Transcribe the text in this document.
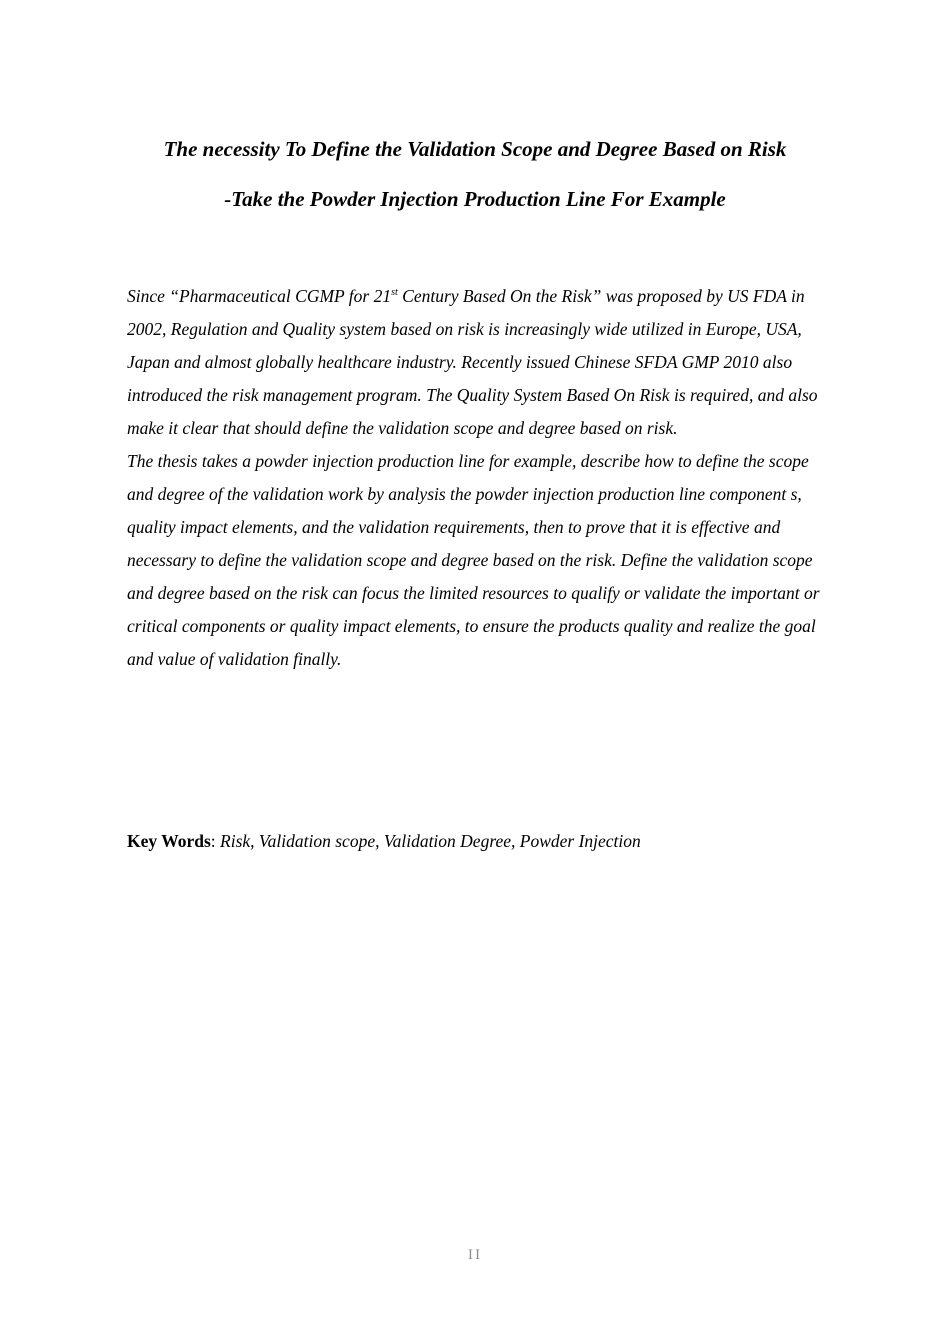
The necessity To Define the Validation Scope and Degree Based on Risk
-Take the Powder Injection Production Line For Example

Since “Pharmaceutical CGMP for 21st Century Based On the Risk” was proposed by US FDA in 2002, Regulation and Quality system based on risk is increasingly wide utilized in Europe, USA, Japan and almost globally healthcare industry. Recently issued Chinese SFDA GMP 2010 also introduced the risk management program. The Quality System Based On Risk is required, and also make it clear that should define the validation scope and degree based on risk.

The thesis takes a powder injection production line for example, describe how to define the scope and degree of the validation work by analysis the powder injection production line component s, quality impact elements, and the validation requirements, then to prove that it is effective and necessary to define the validation scope and degree based on the risk. Define the validation scope and degree based on the risk can focus the limited resources to qualify or validate the important or critical components or quality impact elements, to ensure the products quality and realize the goal and value of validation finally.

Key Words: Risk, Validation scope, Validation Degree, Powder Injection
II
